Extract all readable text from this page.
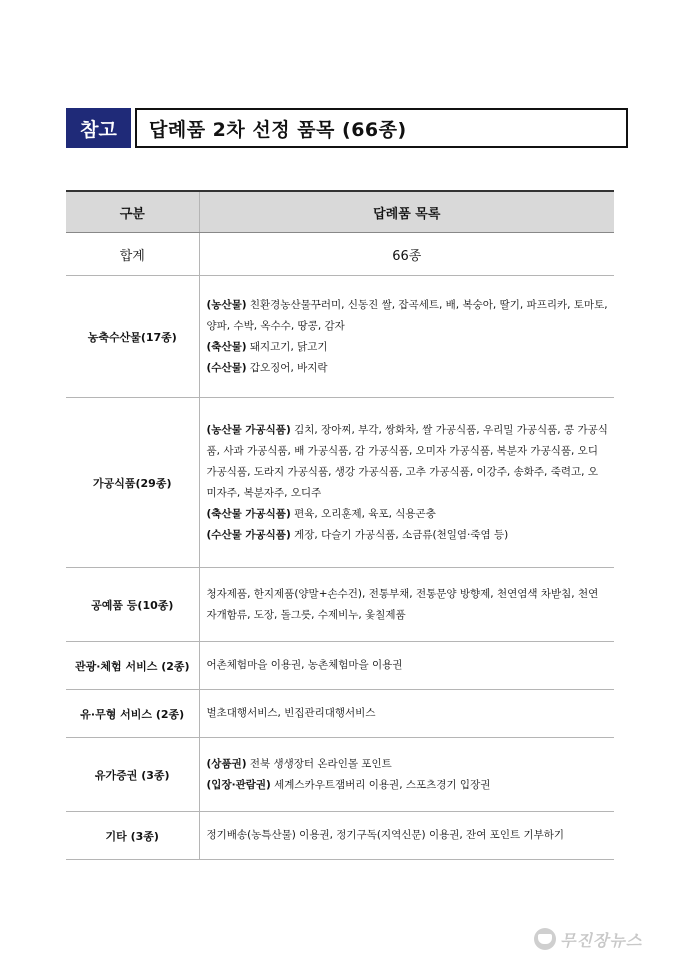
참고	답례품 2차 선정 품목 (66종)
구분	답례품 목록
합계	66종
농축수산물(17종)	(농산물) 친환경농산물꾸러미, 신동진 쌀, 잡곡세트, 배, 복숭아, 딸기, 파프리카, 토마토, 양파, 수박, 옥수수, 땅콩, 감자

(축산물) 돼지고기, 닭고기

(수산물) 갑오징어, 바지락

가공식품(29종)	(농산물 가공식품) 김치, 장아찌, 부각, 쌍화차, 쌀 가공식품, 우리밀 가공식품, 콩 가공식품, 사과 가공식품, 배 가공식품, 감 가공식품, 오미자 가공식품, 복분자 가공식품, 오디 가공식품, 도라지 가공식품, 생강 가공식품, 고추 가공식품, 이강주, 송화주, 죽력고, 오미자주, 복분자주, 오디주

(축산물 가공식품) 편육, 오리훈제, 육포, 식용곤충

(수산물 가공식품) 게장, 다슬기 가공식품, 소금류(천일염·죽염 등)

공예품 등(10종)	청자제품, 한지제품(양말+손수건), 전통부채, 전통문양 방향제, 천연염색 차받침, 천연자개함류, 도장, 돌그릇, 수제비누, 옻칠제품

관광·체험 서비스 (2종)	어촌체험마을 이용권, 농촌체험마을 이용권

유·무형 서비스 (2종)	벌초대행서비스, 빈집관리대행서비스

유가증권 (3종)	(상품권) 전북 생생장터 온라인몰 포인트

(입장·관람권) 세계스카우트잼버리 이용권, 스포츠경기 입장권

기타 (3종)	정기배송(농특산물) 이용권, 정기구독(지역신문) 이용권, 잔여 포인트 기부하기

무진장뉴스
